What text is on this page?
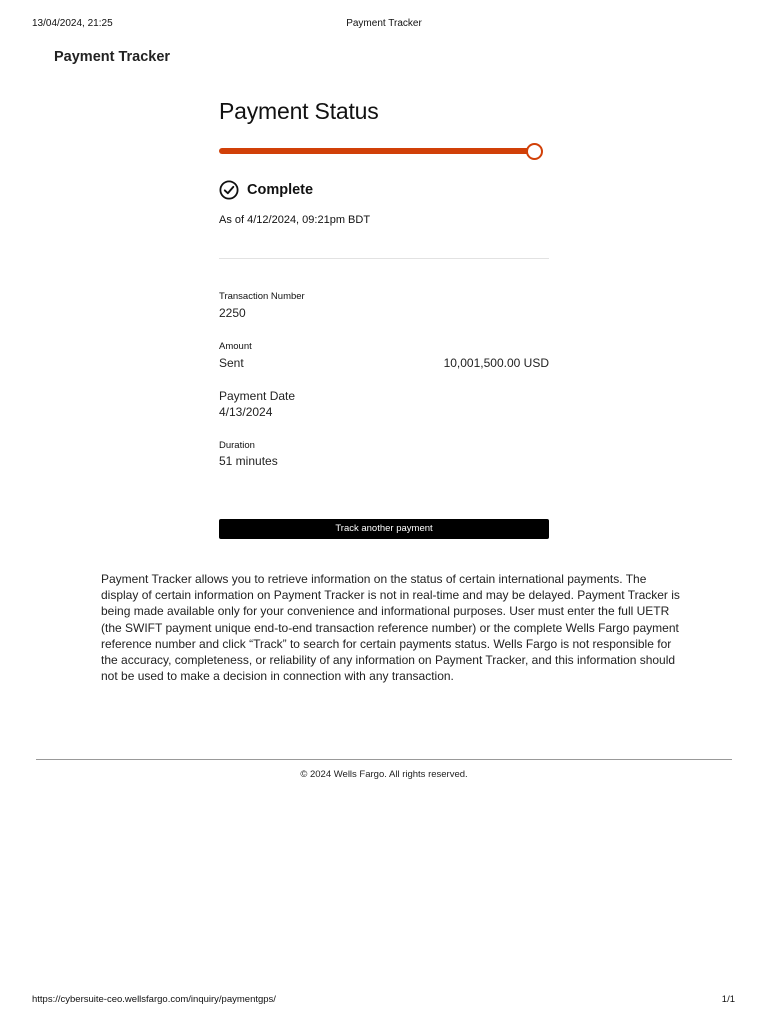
13/04/2024, 21:25	Payment Tracker
Payment Tracker
Payment Status
Complete
As of 4/12/2024, 09:21pm BDT
Transaction Number
2250
Amount
Sent	10,001,500.00 USD
Payment Date
4/13/2024
Duration
51 minutes
Track another payment
Payment Tracker allows you to retrieve information on the status of certain international payments. The display of certain information on Payment Tracker is not in real-time and may be delayed. Payment Tracker is being made available only for your convenience and informational purposes. User must enter the full UETR (the SWIFT payment unique end-to-end transaction reference number) or the complete Wells Fargo payment reference number and click “Track” to search for certain payments status. Wells Fargo is not responsible for the accuracy, completeness, or reliability of any information on Payment Tracker, and this information should not be used to make a decision in connection with any transaction.
© 2024 Wells Fargo. All rights reserved.
https://cybersuite-ceo.wellsfargo.com/inquiry/paymentgps/	1/1
